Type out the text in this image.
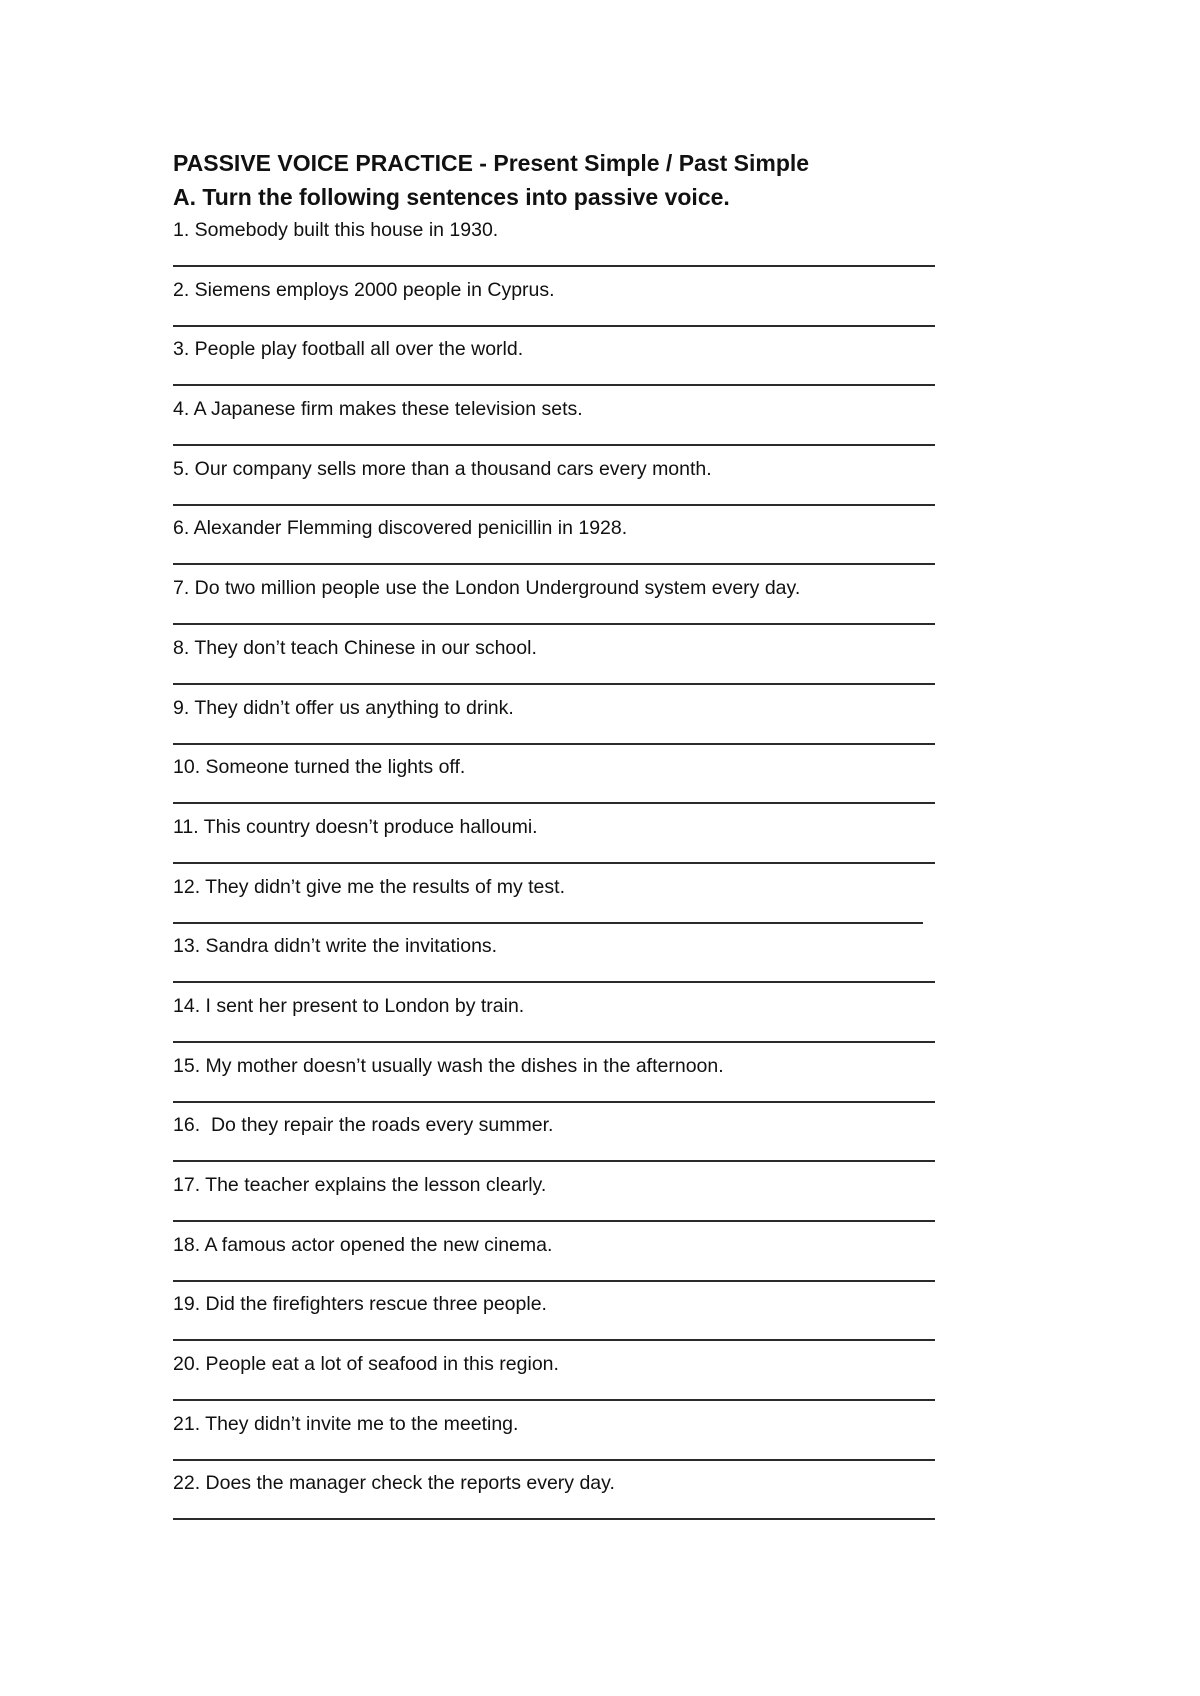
PASSIVE VOICE PRACTICE - Present Simple / Past Simple
A. Turn the following sentences into passive voice.
1. Somebody built this house in 1930.
2. Siemens employs 2000 people in Cyprus.
3. People play football all over the world.
4. A Japanese firm makes these television sets.
5. Our company sells more than a thousand cars every month.
6. Alexander Flemming discovered penicillin in 1928.
7. Do two million people use the London Underground system every day.
8. They don’t teach Chinese in our school.
9. They didn’t offer us anything to drink.
10. Someone turned the lights off.
11. This country doesn’t produce halloumi.
12. They didn’t give me the results of my test.
13. Sandra didn’t write the invitations.
14. I sent her present to London by train.
15. My mother doesn’t usually wash the dishes in the afternoon.
16.  Do they repair the roads every summer.
17. The teacher explains the lesson clearly.
18. A famous actor opened the new cinema.
19. Did the firefighters rescue three people.
20. People eat a lot of seafood in this region.
21. They didn’t invite me to the meeting.
22. Does the manager check the reports every day.
